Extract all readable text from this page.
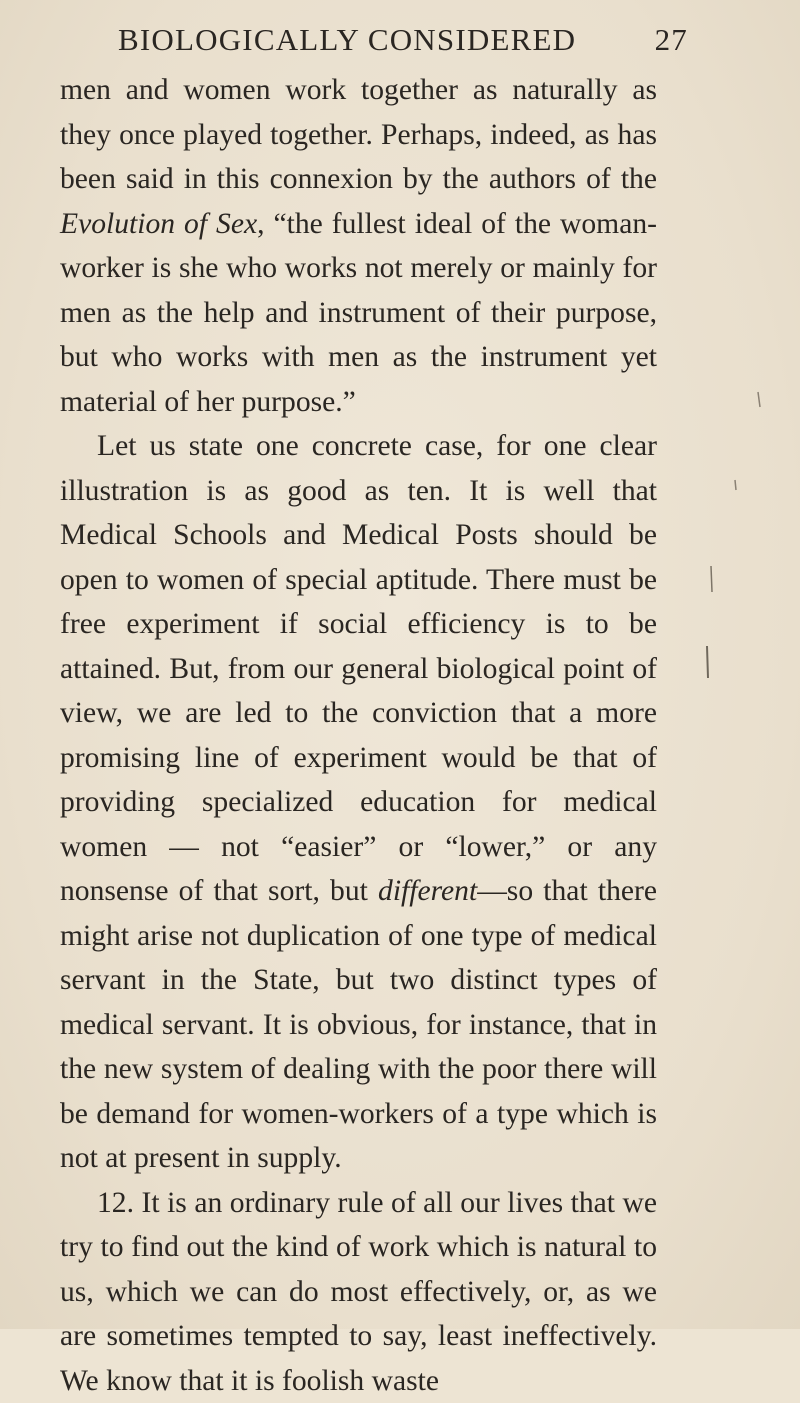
BIOLOGICALLY CONSIDERED	27

men and women work together as naturally as they once played together. Perhaps, indeed, as has been said in this connexion by the authors of the Evolution of Sex, “the fullest ideal of the woman-worker is she who works not merely or mainly for men as the help and instrument of their purpose, but who works with men as the instrument yet material of her purpose.”

Let us state one concrete case, for one clear illustration is as good as ten. It is well that Medical Schools and Medical Posts should be open to women of special aptitude. There must be free experiment if social efficiency is to be attained. But, from our general biological point of view, we are led to the conviction that a more promising line of experiment would be that of providing specialized education for medical women — not “easier” or “lower,” or any nonsense of that sort, but different—so that there might arise not duplication of one type of medical servant in the State, but two distinct types of medical servant. It is obvious, for instance, that in the new system of dealing with the poor there will be demand for women-workers of a type which is not at present in supply.

12. It is an ordinary rule of all our lives that we try to find out the kind of work which is natural to us, which we can do most effectively, or, as we are sometimes tempted to say, least ineffectively. We know that it is foolish waste
